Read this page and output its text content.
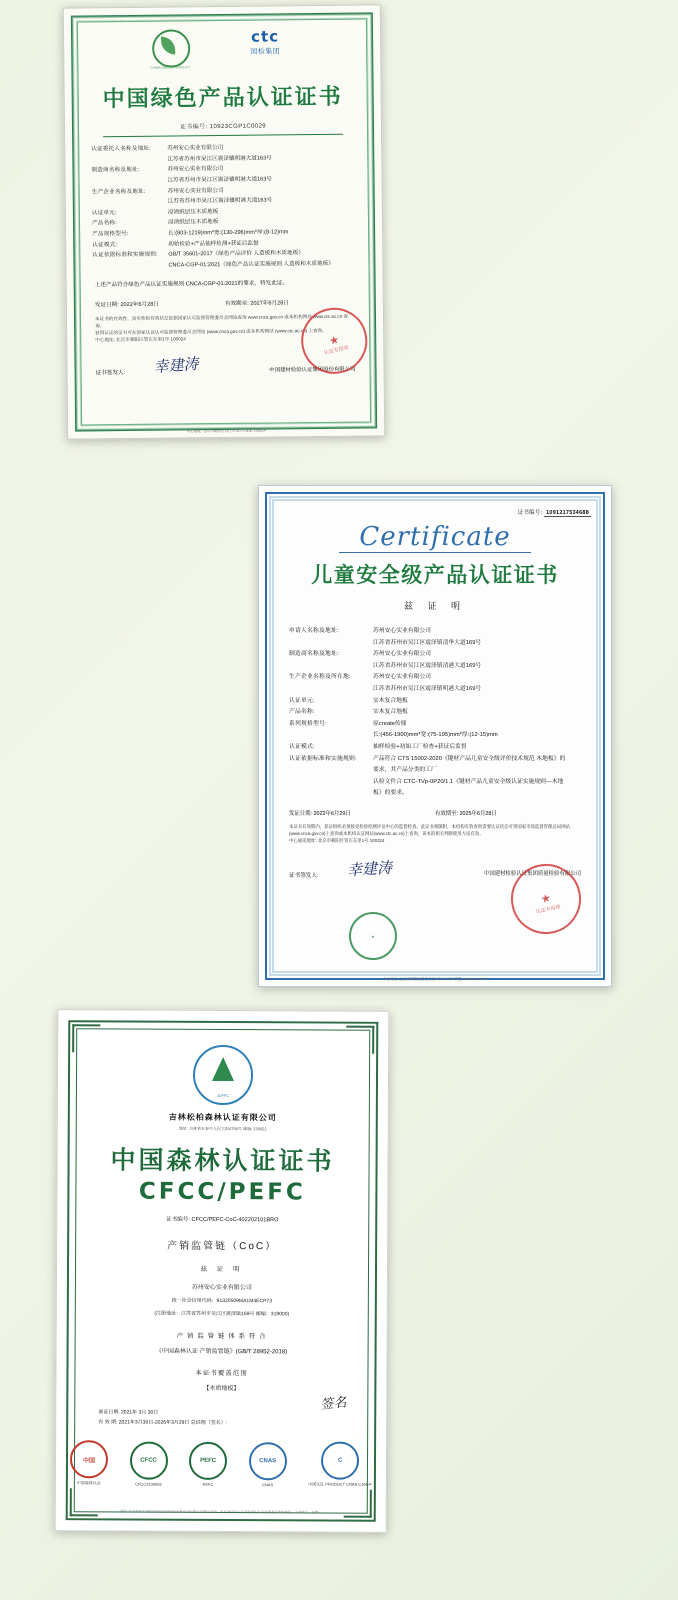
CHINA GREEN PRODUCT
ctc
国检集团
中国绿色产品认证证书
证书编号: 10923CGP1C0029
认证委托人名称及地址:	苏州安心实业有限公司
江苏省苏州市吴江区震泽镇明港大道163号
制造商名称及地址:	苏州安心实业有限公司
江苏省苏州市吴江区震泽镇明港大道163号
生产企业名称及地址:	苏州安心实业有限公司
江苏省苏州市吴江区震泽镇明港大道163号
认证单元:	浸渍纸层压木质地板
产品名称:	浸渍纸层压木质地板
产品规格型号:	长:(803-1219)mm*宽:(130-296)mm*厚:(8-12)mm
认证模式:	初始检验+产品抽样检测+获证后监督
认证依据标准和实施规则:	GB/T 35601-2017《绿色产品评价 人造板和木质地板》
CNCA-CGP-01:2021《绿色产品认证实施规则 人造板和木质地板》
上述产品符合绿色产品认证实施规则 CNCA-CGP-01:2021的要求，特发此证。
发证日期: 2022年6月28日	有效期至: 2027年6月28日
本证书的有效性、真实性和有效状态依据国家认可监督管理委员会网站查询 www.cnca.gov.cn 或本机构网站 www.ctc.ac.cn 查询。
获得认证的证书可在国家认证认可监督管理委员会网站 (www.cnca.gov.cn) 或本机构网站 (www.ctc.ac.cn) 上查询。
中心地址: 北京市朝阳区管庄东里1号 100024
证书签发人:	幸建涛	中国建材检验认证集团股份有限公司
★
认证专用章
中心地址: 北京市朝阳区管庄东里1号 邮编 100024
证书编号: 1091217534688
Certificate
儿童安全级产品认证证书
兹 证 明
申请人名称及地址:	苏州安心实业有限公司
江苏省苏州市吴江区震泽镇清华大道169号
制造商名称及地址:	苏州安心实业有限公司
江苏省苏州市吴江区震泽镇清港大道169号
生产企业名称及所在地:	苏州安心实业有限公司
江苏省苏州市吴江区震泽镇明港大道169号
认证单元:	实木复合地板
产品名称:	实木复合地板
系列规格型号:	原create传鼎
长:(456-1900)mm*宽:(75-195)mm*厚:(12-15)mm
认证模式:	抽样检验+初始工厂检查+获证后监督
认证依据标准和实施规则:	产品符合 CTS 15002-2020《键材产品儿童安全级评价技术规范 木地板》的要求，其产品分类的工厂
认检文件合 CTC-TVp-0P20/1.1《键材产品儿童安全级认证实施规则—木地板》的要求。
发证日期: 2022年6月29日	有效期至: 2025年6月28日
本证书有效期内，获证组织必须接受检验检测评估中心的监督检查。此证书须随附，本机构有效查询需要认证状态可到国家市场监督管理总局网站(www.cnca.gov.cn)上查询或本机构认证网站(www.ctc.ac.cn)上查询，该本的相关判断使用方法有效。
中心通讯地址: 北京市朝阳区管庄东里1号 100324
证书签发人:	幸建涛	中国建材检验认证集团质量检验有限公司
★
★
认证专用章
中心地址: 北京市朝阳区管庄东里1号 100324 网址: www.ctc.ac.cn
JLPFC
吉林松柏森林认证有限公司
地址: 吉林省长春市人民大街4756号 邮编: 130022
中国森林认证证书
CFCC/PEFC
证书编号: CFCC/PEFC-CoC-402202101BRO
产销监管链（CoC）
兹 证 明
苏州安心实业有限公司
统一社会信用代码：91320509MA1M4ECP73
(注册地址：江苏省苏州市吴江区震泽镇169号 邮编：319000)
产 销 监 管 链 体 系 符 合
《中国森林认证 产销监管链》(GB/T 28952-2018)
本证书覆盖范围
【木质地板】
颁证日期: 2021年 3月 30日
有 效 期: 2021年3月30日-2026年3月29日 总经理（签名）:
签名
中国
中国森林认证
CFCC
CFCC2100062
PEFC
PEFC
CNAS
CNAS
C
中国认证 PRODUCT CNAS C166-P
说明: 本证书的有效性可通过吉林松柏森林认证有限公司网站查询，本证书仅限于获证组织在本证书覆盖范围内使用，不得转让、复制。
